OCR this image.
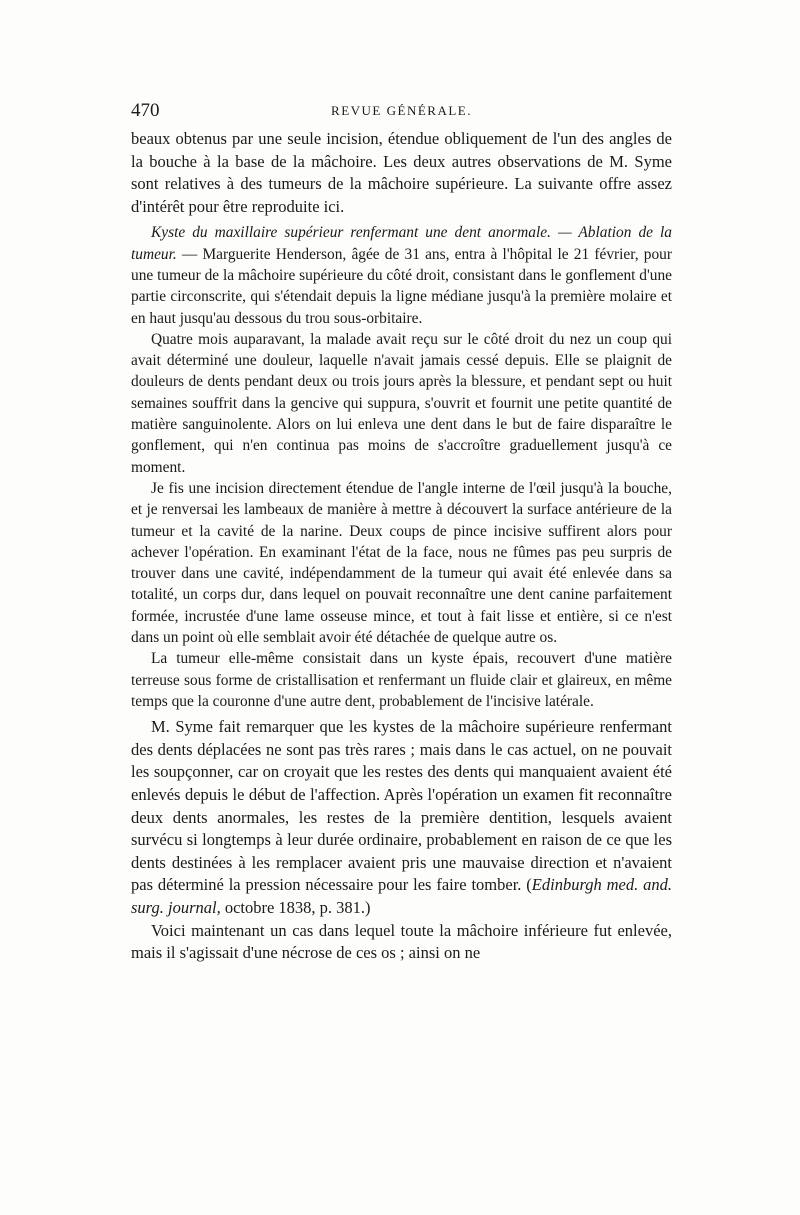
470	REVUE GÉNÉRALE.

beaux obtenus par une seule incision, étendue obliquement de l'un des angles de la bouche à la base de la mâchoire. Les deux autres observations de M. Syme sont relatives à des tumeurs de la mâchoire supérieure. La suivante offre assez d'intérêt pour être reproduite ici.

Kyste du maxillaire supérieur renfermant une dent anormale. — Ablation de la tumeur. — Marguerite Henderson, âgée de 31 ans, entra à l'hôpital le 21 février, pour une tumeur de la mâchoire supérieure du côté droit, consistant dans le gonflement d'une partie circonscrite, qui s'étendait depuis la ligne médiane jusqu'à la première molaire et en haut jusqu'au dessous du trou sous-orbitaire.

Quatre mois auparavant, la malade avait reçu sur le côté droit du nez un coup qui avait déterminé une douleur, laquelle n'avait jamais cessé depuis. Elle se plaignit de douleurs de dents pendant deux ou trois jours après la blessure, et pendant sept ou huit semaines souffrit dans la gencive qui suppura, s'ouvrit et fournit une petite quantité de matière sanguinolente. Alors on lui enleva une dent dans le but de faire disparaître le gonflement, qui n'en continua pas moins de s'accroître graduellement jusqu'à ce moment.

Je fis une incision directement étendue de l'angle interne de l'œil jusqu'à la bouche, et je renversai les lambeaux de manière à mettre à découvert la surface antérieure de la tumeur et la cavité de la narine. Deux coups de pince incisive suffirent alors pour achever l'opération. En examinant l'état de la face, nous ne fûmes pas peu surpris de trouver dans une cavité, indépendamment de la tumeur qui avait été enlevée dans sa totalité, un corps dur, dans lequel on pouvait reconnaître une dent canine parfaitement formée, incrustée d'une lame osseuse mince, et tout à fait lisse et entière, si ce n'est dans un point où elle semblait avoir été détachée de quelque autre os.

La tumeur elle-même consistait dans un kyste épais, recouvert d'une matière terreuse sous forme de cristallisation et renfermant un fluide clair et glaireux, en même temps que la couronne d'une autre dent, probablement de l'incisive latérale.

M. Syme fait remarquer que les kystes de la mâchoire supérieure renfermant des dents déplacées ne sont pas très rares ; mais dans le cas actuel, on ne pouvait les soupçonner, car on croyait que les restes des dents qui manquaient avaient été enlevés depuis le début de l'affection. Après l'opération un examen fit reconnaître deux dents anormales, les restes de la première dentition, lesquels avaient survécu si longtemps à leur durée ordinaire, probablement en raison de ce que les dents destinées à les remplacer avaient pris une mauvaise direction et n'avaient pas déterminé la pression nécessaire pour les faire tomber. (Edinburgh med. and. surg. journal, octobre 1838, p. 381.)

Voici maintenant un cas dans lequel toute la mâchoire inférieure fut enlevée, mais il s'agissait d'une nécrose de ces os ; ainsi on ne
